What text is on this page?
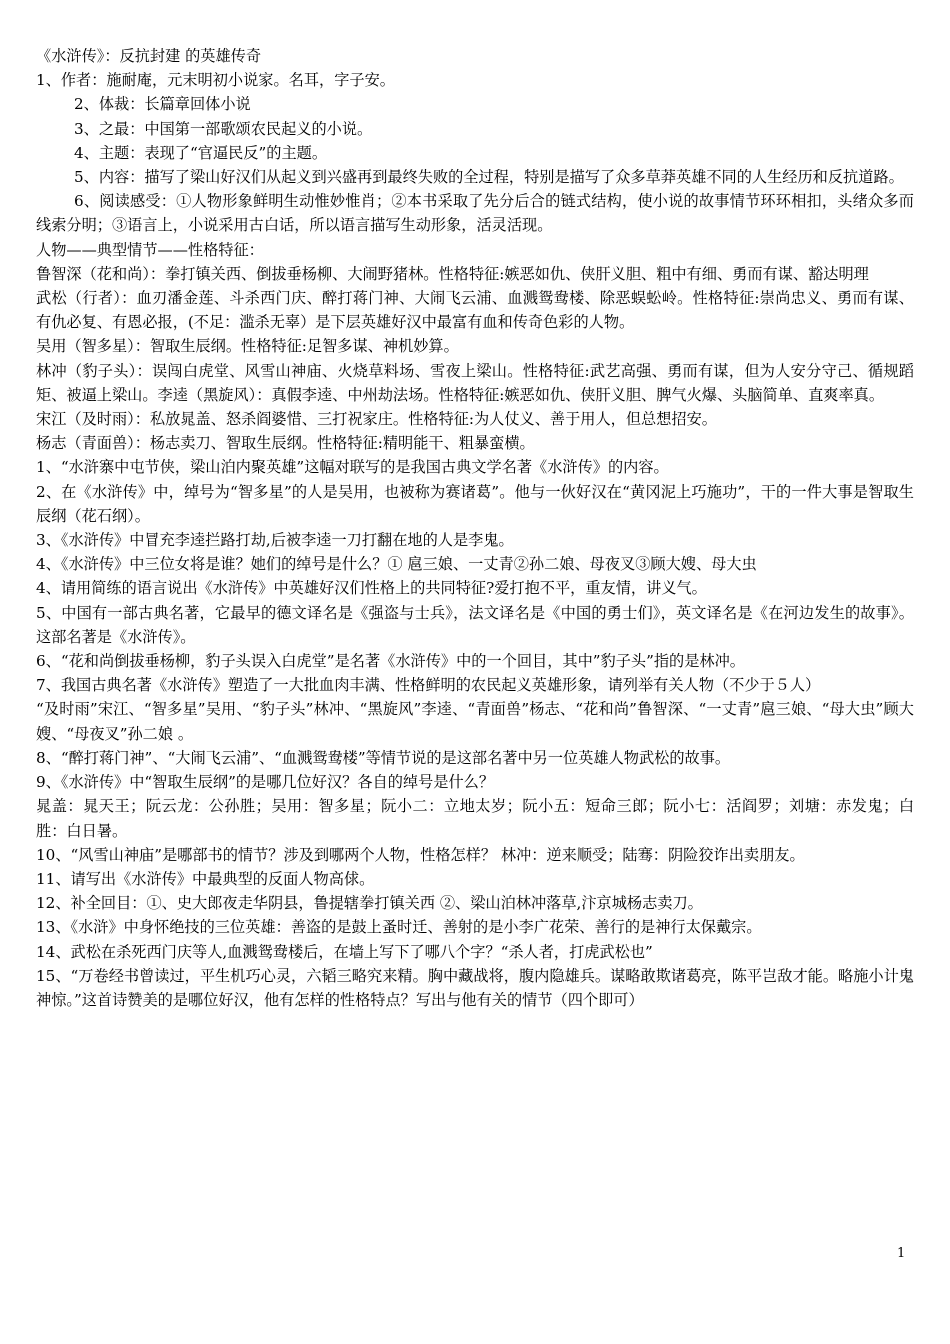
《水浒传》：反抗封建 的英雄传奇

1、作者：施耐庵，元末明初小说家。名耳，字子安。

2、体裁：长篇章回体小说

3、之最：中国第一部歌颂农民起义的小说。

4、主题：表现了“官逼民反”的主题。

5、内容：描写了梁山好汉们从起义到兴盛再到最终失败的全过程，特别是描写了众多草莽英雄不同的人生经历和反抗道路。

6、阅读感受：①人物形象鲜明生动惟妙惟肖；②本书采取了先分后合的链式结构，使小说的故事情节环环相扣，头绪众多而线索分明；③语言上，小说采用古白话，所以语言描写生动形象，活灵活现。

人物——典型情节——性格特征：

鲁智深（花和尚）：拳打镇关西、倒拔垂杨柳、大闹野猪林。性格特征:嫉恶如仇、侠肝义胆、粗中有细、勇而有谋、豁达明理

武松（行者）：血刃潘金莲、斗杀西门庆、醉打蒋门神、大闹飞云浦、血溅鸳鸯楼、除恶蜈蚣岭。性格特征:崇尚忠义、勇而有谋、有仇必复、有恩必报，(不足：滥杀无辜）是下层英雄好汉中最富有血和传奇色彩的人物。

吴用（智多星）：智取生辰纲。性格特征:足智多谋、神机妙算。

林冲（豹子头）：误闯白虎堂、风雪山神庙、火烧草料场、雪夜上梁山。性格特征:武艺高强、勇而有谋，但为人安分守己、循规蹈矩、被逼上梁山。李逵（黑旋风）：真假李逵、中州劫法场。性格特征:嫉恶如仇、侠肝义胆、脾气火爆、头脑简单、直爽率真。

宋江（及时雨）：私放晁盖、怒杀阎婆惜、三打祝家庄。性格特征:为人仗义、善于用人，但总想招安。

杨志（青面兽）：杨志卖刀、智取生辰纲。性格特征:精明能干、粗暴蛮横。

1、“水浒寨中屯节侠，梁山泊内聚英雄”这幅对联写的是我国古典文学名著《水浒传》的内容。

2、在《水浒传》中，绰号为“智多星”的人是吴用，也被称为赛诸葛”。他与一伙好汉在“黄冈泥上巧施功”，干的一件大事是智取生辰纲（花石纲）。

3、《水浒传》中冒充李逵拦路打劫,后被李逵一刀打翻在地的人是李鬼。

4、《水浒传》中三位女将是谁？她们的绰号是什么？① 扈三娘、一丈青②孙二娘、母夜叉③顾大嫂、母大虫

4、请用简练的语言说出《水浒传》中英雄好汉们性格上的共同特征?爱打抱不平，重友情，讲义气。

5、中国有一部古典名著，它最早的德文译名是《强盗与士兵》，法文译名是《中国的勇士们》，英文译名是《在河边发生的故事》。这部名著是《水浒传》。

6、“花和尚倒拔垂杨柳，豹子头误入白虎堂”是名著《水浒传》中的一个回目，其中”豹子头”指的是林冲。

7、我国古典名著《水浒传》塑造了一大批血肉丰满、性格鲜明的农民起义英雄形象，请列举有关人物（不少于５人）

“及时雨”宋江、“智多星”吴用、“豹子头”林冲、“黑旋风”李逵、“青面兽”杨志、“花和尚”鲁智深、“一丈青”扈三娘、“母大虫”顾大嫂、“母夜叉”孙二娘 。

8、“醉打蒋门神”、“大闹飞云浦”、“血溅鸳鸯楼”等情节说的是这部名著中另一位英雄人物武松的故事。

9、《水浒传》中“智取生辰纲”的是哪几位好汉？各自的绰号是什么？

晁盖：晁天王；阮云龙：公孙胜；吴用：智多星；阮小二：立地太岁；阮小五：短命三郎；阮小七：活阎罗；刘塘：赤发鬼；白胜：白日暑。

10、“风雪山神庙”是哪部书的情节？涉及到哪两个人物，性格怎样？ 林冲：逆来顺受；陆骞：阴险狡诈出卖朋友。

11、请写出《水浒传》中最典型的反面人物高俅。

12、补全回目：①、史大郎夜走华阴县，鲁提辖拳打镇关西 ②、梁山泊林冲落草,汴京城杨志卖刀。

13、《水浒》中身怀绝技的三位英雄：善盗的是鼓上蚤时迁、善射的是小李广花荣、善行的是神行太保戴宗。

14、武松在杀死西门庆等人,血溅鸳鸯楼后，在墙上写下了哪八个字？“杀人者，打虎武松也”

15、“万卷经书曾读过，平生机巧心灵，六韬三略究来精。胸中藏战将，腹内隐雄兵。谋略敢欺诸葛亮，陈平岂敌才能。略施小计鬼神惊。”这首诗赞美的是哪位好汉，他有怎样的性格特点？写出与他有关的情节（四个即可）

1
